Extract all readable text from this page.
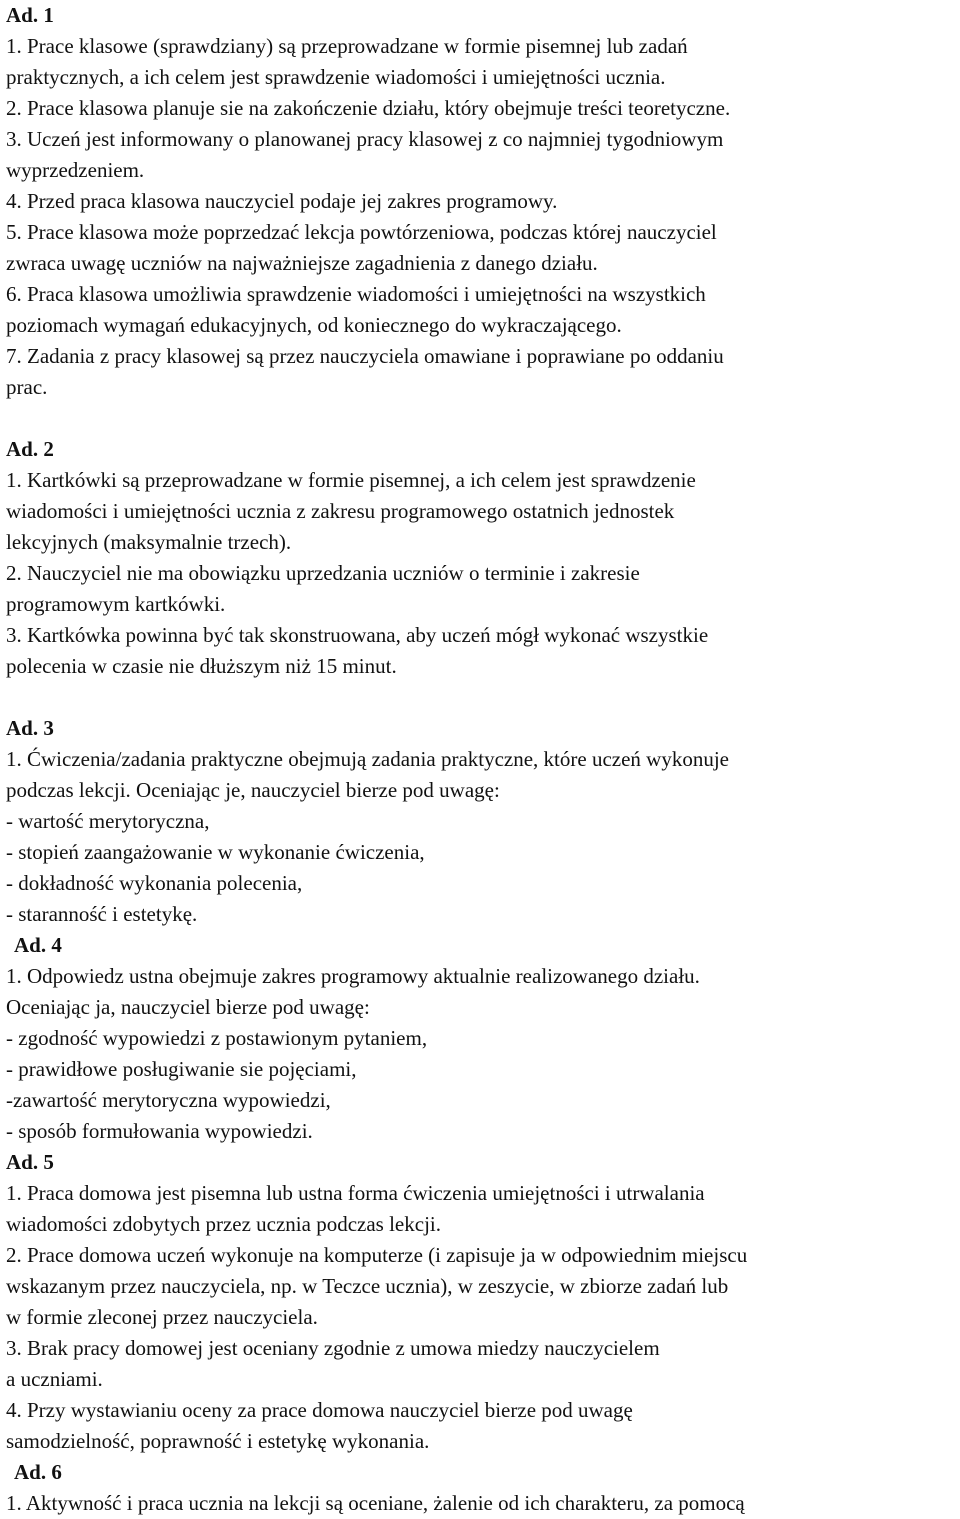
Ad. 1
1. Prace klasowe (sprawdziany) są przeprowadzane w formie pisemnej lub zadań
praktycznych, a ich celem jest sprawdzenie wiadomości i umiejętności ucznia.
2. Prace klasowa planuje sie na zakończenie działu, który obejmuje treści teoretyczne.
3. Uczeń jest informowany o planowanej pracy klasowej z co najmniej tygodniowym
wyprzedzeniem.
4. Przed praca klasowa nauczyciel podaje jej zakres programowy.
5. Prace klasowa może poprzedzać lekcja powtórzeniowa, podczas której nauczyciel
zwraca uwagę uczniów na najważniejsze zagadnienia z danego działu.
6. Praca klasowa umożliwia sprawdzenie wiadomości i umiejętności na wszystkich
poziomach wymagań edukacyjnych, od koniecznego do wykraczającego.
7. Zadania z pracy klasowej są przez nauczyciela omawiane i poprawiane po oddaniu
prac.
Ad. 2
1. Kartkówki są przeprowadzane w formie pisemnej, a ich celem jest sprawdzenie
wiadomości i umiejętności ucznia z zakresu programowego ostatnich jednostek
lekcyjnych (maksymalnie trzech).
2. Nauczyciel nie ma obowiązku uprzedzania uczniów o terminie i zakresie
programowym kartkówki.
3. Kartkówka powinna być tak skonstruowana, aby uczeń mógł wykonać wszystkie
polecenia w czasie nie dłuższym niż 15 minut.
Ad. 3
1. Ćwiczenia/zadania praktyczne obejmują zadania praktyczne, które uczeń wykonuje
podczas lekcji. Oceniając je, nauczyciel bierze pod uwagę:
- wartość merytoryczna,
- stopień zaangażowanie w wykonanie ćwiczenia,
- dokładność wykonania polecenia,
- staranność i estetykę.
Ad. 4
1. Odpowiedz ustna obejmuje zakres programowy aktualnie realizowanego działu.
Oceniając ja, nauczyciel bierze pod uwagę:
- zgodność wypowiedzi z postawionym pytaniem,
- prawidłowe posługiwanie sie pojęciami,
-zawartość merytoryczna wypowiedzi,
- sposób formułowania wypowiedzi.
Ad. 5
1. Praca domowa jest pisemna lub ustna forma ćwiczenia umiejętności i utrwalania
wiadomości zdobytych przez ucznia podczas lekcji.
2. Prace domowa uczeń wykonuje na komputerze (i zapisuje ja w odpowiednim miejscu
wskazanym przez nauczyciela, np. w Teczce ucznia), w zeszycie, w zbiorze zadań lub
w formie zleconej przez nauczyciela.
3. Brak pracy domowej jest oceniany zgodnie z umowa miedzy nauczycielem
a uczniami.
4. Przy wystawianiu oceny za prace domowa nauczyciel bierze pod uwagę
samodzielność, poprawność i estetykę wykonania.
Ad. 6
1. Aktywność i praca ucznia na lekcji są oceniane, żalenie od ich charakteru, za pomocą
